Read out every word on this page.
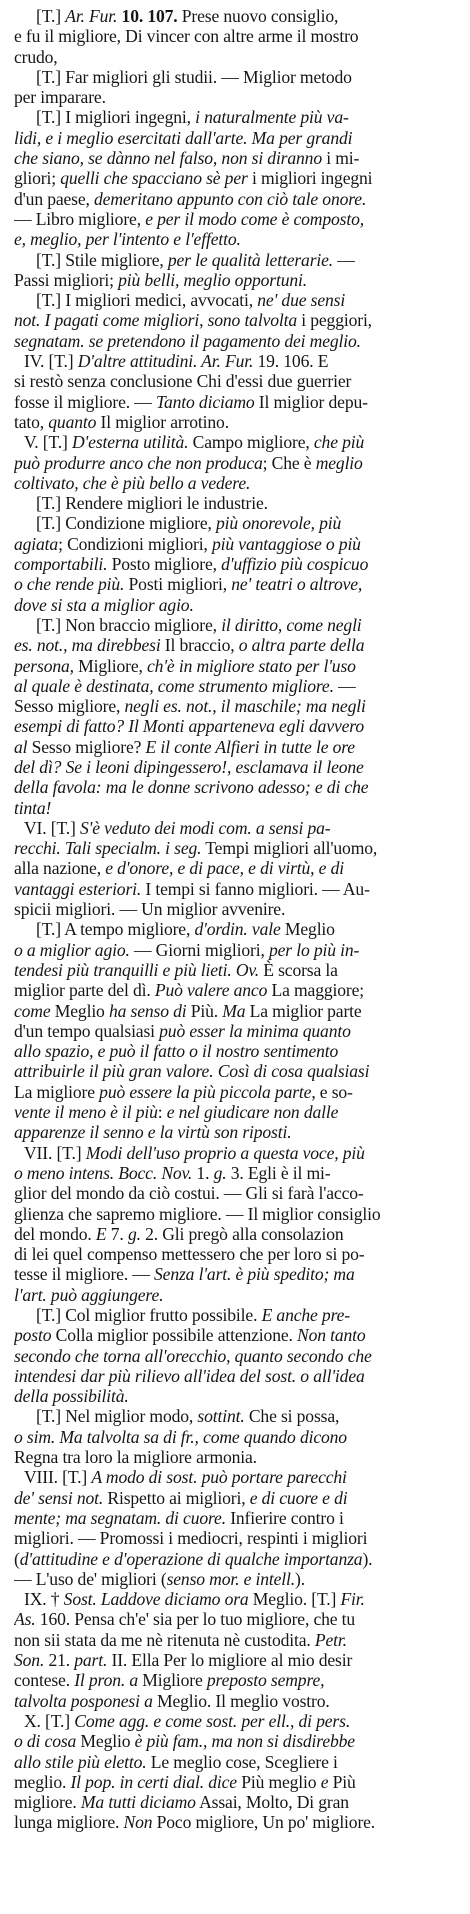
[T.] Ar. Fur. 10. 107. Prese nuovo consiglio,
e fu il migliore, Di vincer con altre arme il mostro
crudo,
[T.] Far migliori gli studii. — Miglior metodo
per imparare.
[T.] I migliori ingegni, i naturalmente più va-
lidi, e i meglio esercitati dall'arte. Ma per grandi
che siano, se dànno nel falso, non si diranno i mi-
gliori; quelli che spacciano sè per i migliori ingegni
d'un paese, demeritano appunto con ciò tale onore.
— Libro migliore, e per il modo come è composto,
e, meglio, per l'intento e l'effetto.
[T.] Stile migliore, per le qualità letterarie. —
Passi migliori; più belli, meglio opportuni.
[T.] I migliori medici, avvocati, ne' due sensi
not. I pagati come migliori, sono talvolta i peggiori,
segnatam. se pretendono il pagamento dei meglio.
IV. [T.] D'altre attitudini. Ar. Fur. 19. 106. E
si restò senza conclusione Chi d'essi due guerrier
fosse il migliore. — Tanto diciamo Il miglior depu-
tato, quanto Il miglior arrotino.
V. [T.] D'esterna utilità. Campo migliore, che più
può produrre anco che non produca; Che è meglio
coltivato, che è più bello a vedere.
[T.] Rendere migliori le industrie.
[T.] Condizione migliore, più onorevole, più
agiata; Condizioni migliori, più vantaggiose o più
comportabili. Posto migliore, d'uffizio più cospicuo
o che rende più. Posti migliori, ne' teatri o altrove,
dove si sta a miglior agio.
[T.] Non braccio migliore, il diritto, come negli
es. not., ma direbbesi Il braccio, o altra parte della
persona, Migliore, ch'è in migliore stato per l'uso
al quale è destinata, come strumento migliore. —
Sesso migliore, negli es. not., il maschile; ma negli
esempi di fatto? Il Monti apparteneva egli davvero
al Sesso migliore? E il conte Alfieri in tutte le ore
del dì? Se i leoni dipingessero!, esclamava il leone
della favola: ma le donne scrivono adesso; e di che
tinta!
VI. [T.] S'è veduto dei modi com. a sensi pa-
recchi. Tali specialm. i seg. Tempi migliori all'uomo,
alla nazione, e d'onore, e di pace, e di virtù, e di
vantaggi esteriori. I tempi si fanno migliori. — Au-
spicii migliori. — Un miglior avvenire.
[T.] A tempo migliore, d'ordin. vale Meglio
o a miglior agio. — Giorni migliori, per lo più in-
tendesi più tranquilli e più lieti. Ov. È scorsa la
miglior parte del dì. Può valere anco La maggiore;
come Meglio ha senso di Più. Ma La miglior parte
d'un tempo qualsiasi può esser la minima quanto
allo spazio, e può il fatto o il nostro sentimento
attribuirle il più gran valore. Così di cosa qualsiasi
La migliore può essere la più piccola parte, e so-
vente il meno è il più: e nel giudicare non dalle
apparenze il senno e la virtù son riposti.
VII. [T.] Modi dell'uso proprio a questa voce, più
o meno intens. Bocc. Nov. 1. g. 3. Egli è il mi-
glior del mondo da ciò costui. — Gli si farà l'acco-
glienza che sapremo migliore. — Il miglior consiglio
del mondo. E 7. g. 2. Gli pregò alla consolazion
di lei quel compenso mettessero che per loro si po-
tesse il migliore. — Senza l'art. è più spedito; ma
l'art. può aggiungere.
[T.] Col miglior frutto possibile. E anche pre-
posto Colla miglior possibile attenzione. Non tanto
secondo che torna all'orecchio, quanto secondo che
intendesi dar più rilievo all'idea del sost. o all'idea
della possibilità.
[T.] Nel miglior modo, sottint. Che si possa,
o sim. Ma talvolta sa di fr., come quando dicono
Regna tra loro la migliore armonia.
VIII. [T.] A modo di sost. può portare parecchi
de' sensi not. Rispetto ai migliori, e di cuore e di
mente; ma segnatam. di cuore. Infierire contro i
migliori. — Promossi i mediocri, respinti i migliori
(d'attitudine e d'operazione di qualche importanza).
— L'uso de' migliori (senso mor. e intell.).
IX. † Sost. Laddove diciamo ora Meglio. [T.] Fir.
As. 160. Pensa ch'e' sia per lo tuo migliore, che tu
non sii stata da me nè ritenuta nè custodita. Petr.
Son. 21. part. II. Ella Per lo migliore al mio desir
contese. Il pron. a Migliore preposto sempre,
talvolta posponesi a Meglio. Il meglio vostro.
X. [T.] Come agg. e come sost. per ell., di pers.
o di cosa Meglio è più fam., ma non si disdirebbe
allo stile più eletto. Le meglio cose, Scegliere i
meglio. Il pop. in certi dial. dice Più meglio e Più
migliore. Ma tutti diciamo Assai, Molto, Di gran
lunga migliore. Non Poco migliore, Un po' migliore.
